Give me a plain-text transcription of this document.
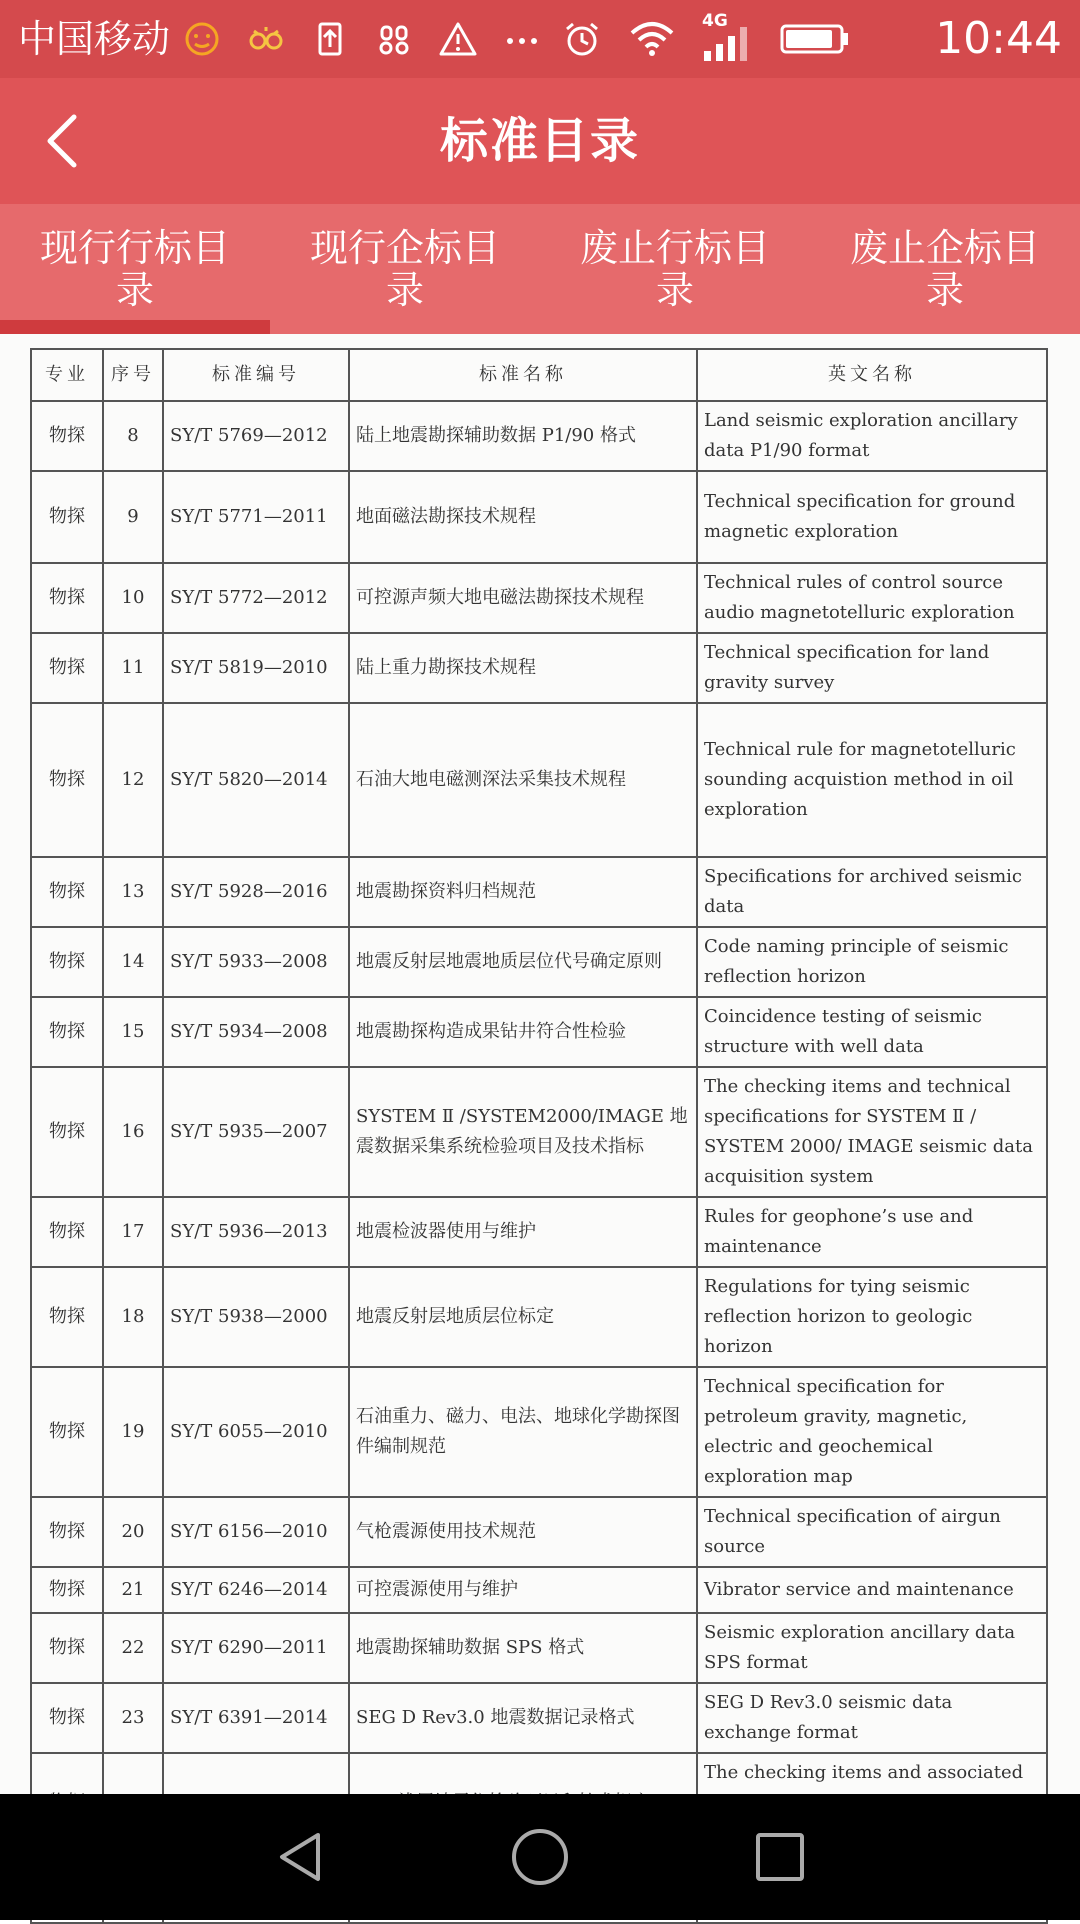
中国移动	4G	10:44
标准目录
现行行标目录
现行企标目录
废止行标目录
废止企标目录
专业	序号	标准编号	标准名称	英文名称
物探	8	SY/T 5769—2012	陆上地震勘探辅助数据 P1/90 格式	Land seismic exploration ancillary data P1/90 format
物探	9	SY/T 5771—2011	地面磁法勘探技术规程	Technical specification for ground magnetic exploration
物探	10	SY/T 5772—2012	可控源声频大地电磁法勘探技术规程	Technical rules of control source audio magnetotelluric exploration
物探	11	SY/T 5819—2010	陆上重力勘探技术规程	Technical specification for land gravity survey
物探	12	SY/T 5820—2014	石油大地电磁测深法采集技术规程	Technical rule for magnetotelluric sounding acquistion method in oil exploration
物探	13	SY/T 5928—2016	地震勘探资料归档规范	Specifications for archived seismic data
物探	14	SY/T 5933—2008	地震反射层地震地质层位代号确定原则	Code naming principle of seismic reflection horizon
物探	15	SY/T 5934—2008	地震勘探构造成果钻井符合性检验	Coincidence testing of seismic structure with well data
物探	16	SY/T 5935—2007	SYSTEM Ⅱ /SYSTEM2000/IMAGE 地震数据采集系统检验项目及技术指标	The checking items and technical specifications for SYSTEM Ⅱ / SYSTEM 2000/ IMAGE seismic data acquisition system
物探	17	SY/T 5936—2013	地震检波器使用与维护	Rules for geophone’s use and maintenance
物探	18	SY/T 5938—2000	地震反射层地质层位标定	Regulations for tying seismic reflection horizon to geologic horizon
物探	19	SY/T 6055—2010	石油重力、磁力、电法、地球化学勘探图件编制规范	Technical specification for petroleum gravity, magnetic, electric and geochemical exploration map
物探	20	SY/T 6156—2010	气枪震源使用技术规范	Technical specification of airgun source
物探	21	SY/T 6246—2014	可控震源使用与维护	Vibrator service and maintenance
物探	22	SY/T 6290—2011	地震勘探辅助数据 SPS 格式	Seismic exploration ancillary data SPS format
物探	23	SY/T 6391—2014	SEG D Rev3.0 地震数据记录格式	SEG D Rev3.0 seismic data exchange format
				The checking items and associated
